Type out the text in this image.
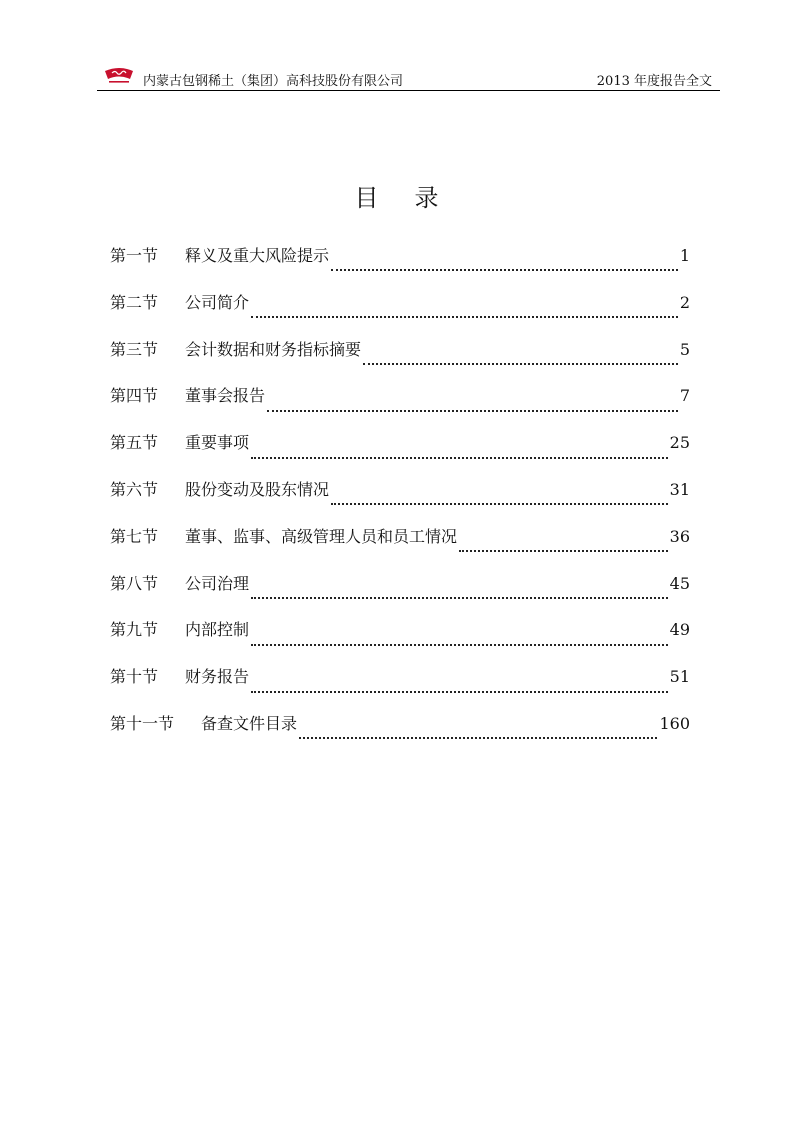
内蒙古包钢稀土（集团）高科技股份有限公司	2013 年度报告全文
目录
第一节	释义及重大风险提示	1
第二节	公司简介	2
第三节	会计数据和财务指标摘要	5
第四节	董事会报告	7
第五节	重要事项	25
第六节	股份变动及股东情况	31
第七节	董事、监事、高级管理人员和员工情况	36
第八节	公司治理	45
第九节	内部控制	49
第十节	财务报告	51
第十一节	备查文件目录	160
